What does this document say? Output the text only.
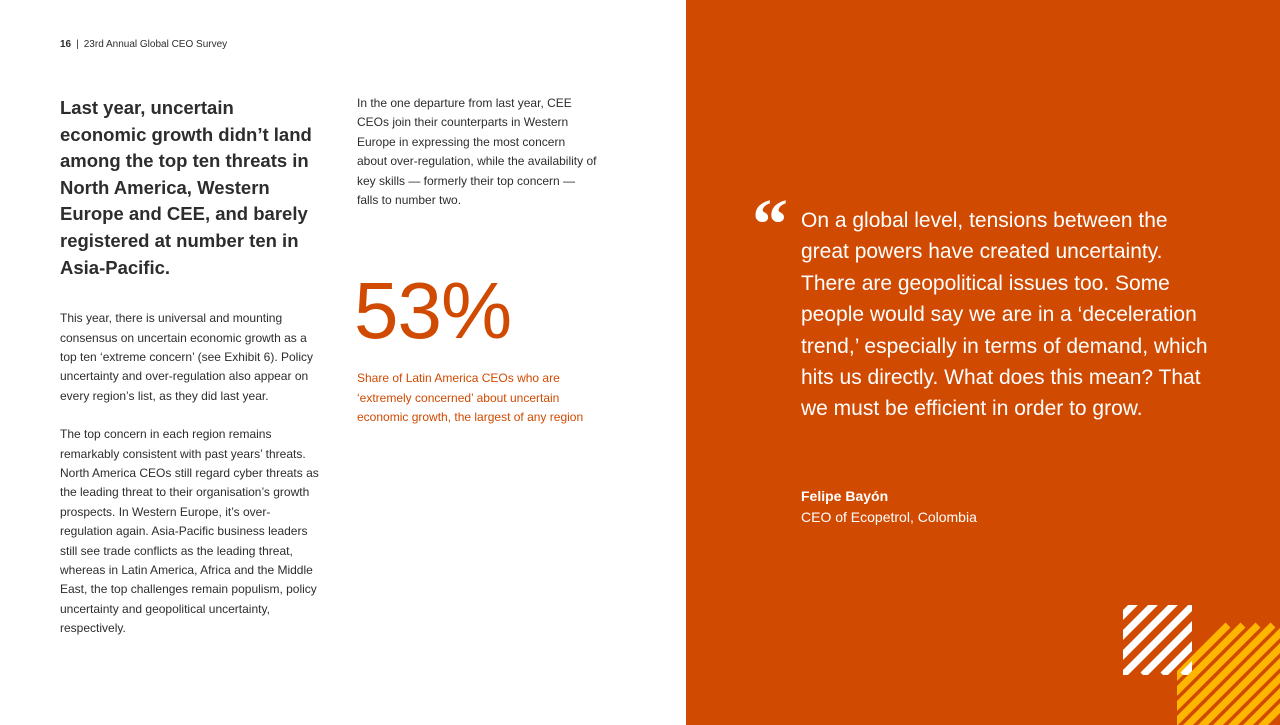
16 | 23rd Annual Global CEO Survey
Last year, uncertain economic growth didn’t land among the top ten threats in North America, Western Europe and CEE, and barely registered at number ten in Asia-Pacific.

This year, there is universal and mounting consensus on uncertain economic growth as a top ten ‘extreme concern’ (see Exhibit 6). Policy uncertainty and over-regulation also appear on every region’s list, as they did last year.

The top concern in each region remains remarkably consistent with past years’ threats. North America CEOs still regard cyber threats as the leading threat to their organisation’s growth prospects. In Western Europe, it’s over-regulation again. Asia-Pacific business leaders still see trade conflicts as the leading threat, whereas in Latin America, Africa and the Middle East, the top challenges remain populism, policy uncertainty and geopolitical uncertainty, respectively.

In the one departure from last year, CEE CEOs join their counterparts in Western Europe in expressing the most concern about over-regulation, while the availability of key skills — formerly their top concern — falls to number two.

53%

Share of Latin America CEOs who are ‘extremely concerned’ about uncertain economic growth, the largest of any region

“ On a global level, tensions between the great powers have created uncertainty. There are geopolitical issues too. Some people would say we are in a ‘deceleration trend,’ especially in terms of demand, which hits us directly. What does this mean? That we must be efficient in order to grow.

Felipe Bayón
CEO of Ecopetrol, Colombia
